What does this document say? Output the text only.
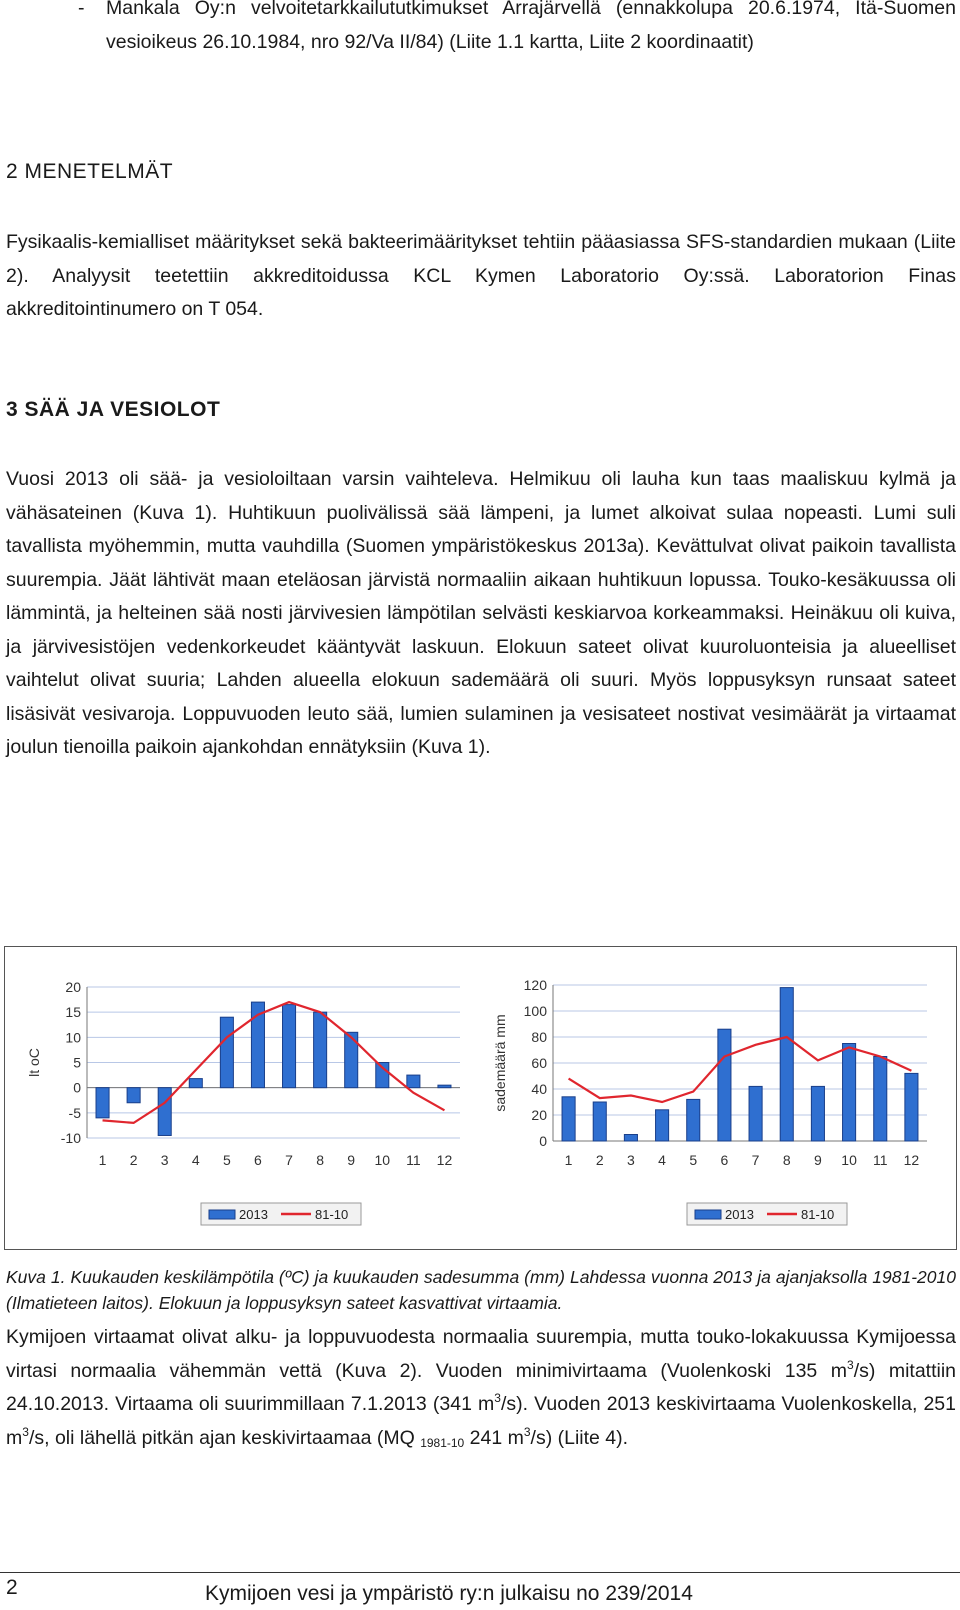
- Mankala Oy:n velvoitetarkkailututkimukset Arrajärvellä (ennakkolupa 20.6.1974, Itä-Suomen vesioikeus 26.10.1984, nro 92/Va II/84) (Liite 1.1 kartta, Liite 2 koordinaatit)
2 MENETELMÄT
Fysikaalis-kemialliset määritykset sekä bakteerimääritykset tehtiin pääasiassa SFS-standardien mukaan (Liite 2). Analyysit teetettiin akkreditoidussa KCL Kymen Laboratorio Oy:ssä. Laboratorion Finas akkreditointinumero on T 054.
3 SÄÄ JA VESIOLOT
Vuosi 2013 oli sää- ja vesioloiltaan varsin vaihteleva. Helmikuu oli lauha kun taas maaliskuu kylmä ja vähäsateinen (Kuva 1). Huhtikuun puolivälissä sää lämpeni, ja lumet alkoivat sulaa nopeasti. Lumi suli tavallista myöhemmin, mutta vauhdilla (Suomen ympäristökeskus 2013a). Kevättulvat olivat paikoin tavallista suurempia. Jäät lähtivät maan eteläosan järvistä normaaliin aikaan huhtikuun lopussa. Touko-kesäkuussa oli lämmintä, ja helteinen sää nosti järvivesien lämpötilan selvästi keskiarvoa korkeammaksi. Heinäkuu oli kuiva, ja järvivesistöjen vedenkorkeudet kääntyvät laskuun. Elokuun sateet olivat kuuroluonteisia ja alueelliset vaihtelut olivat suuria; Lahden alueella elokuun sademäärä oli suuri. Myös loppusyksyn runsaat sateet lisäsivät vesivaroja. Loppuvuoden leuto sää, lumien sulaminen ja vesisateet nostivat vesimäärät ja virtaamat joulun tienoilla paikoin ajankohdan ennätyksiin (Kuva 1).
20
15
10
5
0
-5
-10
lt oC
1 2 3 4 5 6 7 8 9 10 11 12
2013	81-10
120
100
80
60
40
20
0
sademäärä mm
1 2 3 4 5 6 7 8 9 10 11 12
2013	81-10
Kuva 1. Kuukauden keskilämpötila (ºC) ja kuukauden sadesumma (mm) Lahdessa vuonna 2013 ja ajanjaksolla 1981-2010 (Ilmatieteen laitos). Elokuun ja loppusyksyn sateet kasvattivat virtaamia.
Kymijoen virtaamat olivat alku- ja loppuvuodesta normaalia suurempia, mutta touko-lokakuussa Kymijoessa virtasi normaalia vähemmän vettä (Kuva 2). Vuoden minimivirtaama (Vuolenkoski 135 $m^3/s$) mitattiin 24.10.2013. Virtaama oli suurimmillaan 7.1.2013 (341 $m^3/s$). Vuoden 2013 keskivirtaama Vuolenkoskella, 251 $m^3/s$, oli lähellä pitkän ajan keskivirtaamaa (MQ $_{1981-10}$ 241 $m^3/s$) (Liite 4).
2	Kymijoen vesi ja ympäristö ry:n julkaisu no 239/2014
